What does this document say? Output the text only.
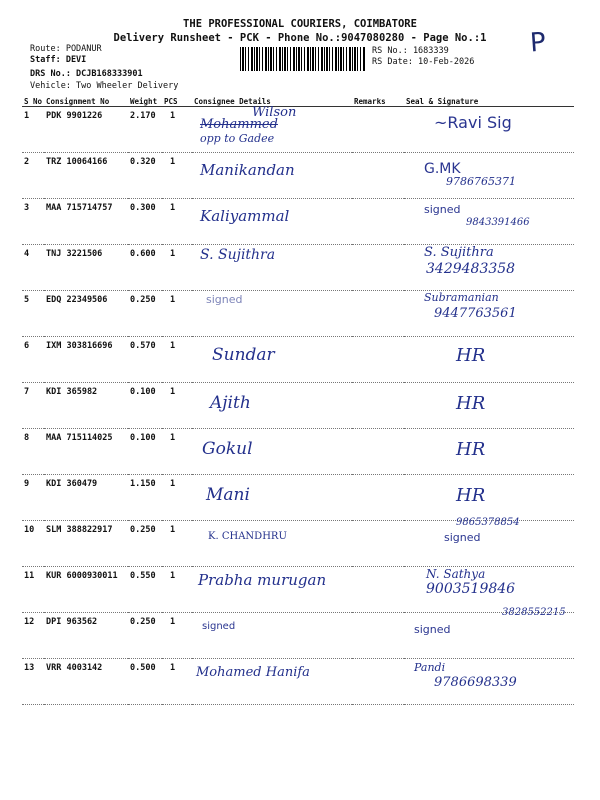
THE PROFESSIONAL COURIERS, COIMBATORE
Delivery Runsheet - PCK - Phone No.:9047080280 - Page No.:1
Route: PODANUR
Staff: DEVI
DRS No.: DCJB168333901
Vehicle: Two Wheeler Delivery
RS No.: 1683339
RS Date: 10-Feb-2026
P
S No	Consignment No	Weight	PCS	Consignee Details	Remarks	Seal & Signature
1	PDK 9901226	2.170	1	Wilson
Mohammed
opp to Gadee		~Ravi Sig

2	TRZ 10064166	0.320	1	Manikandan		G.MK
9786765371

3	MAA 715714757	0.300	1	Kaliyammal		signed
9843391466

4	TNJ 3221506	0.600	1	S. Sujithra		S. Sujithra
3429483358

5	EDQ 22349506	0.250	1	signed		Subramanian
9447763561

6	IXM 303816696	0.570	1	Sundar		HR

7	KDI 365982	0.100	1	Ajith		HR

8	MAA 715114025	0.100	1	Gokul		HR

9	KDI 360479	1.150	1	Mani		HR

10	SLM 388822917	0.250	1	K. CHANDHRU		9865378854
signed

11	KUR 6000930011	0.550	1	Prabha murugan		N. Sathya
9003519846

12	DPI 963562	0.250	1	signed		signed
3828552215

13	VRR 4003142	0.500	1	Mohamed Hanifa		Pandi
9786698339
